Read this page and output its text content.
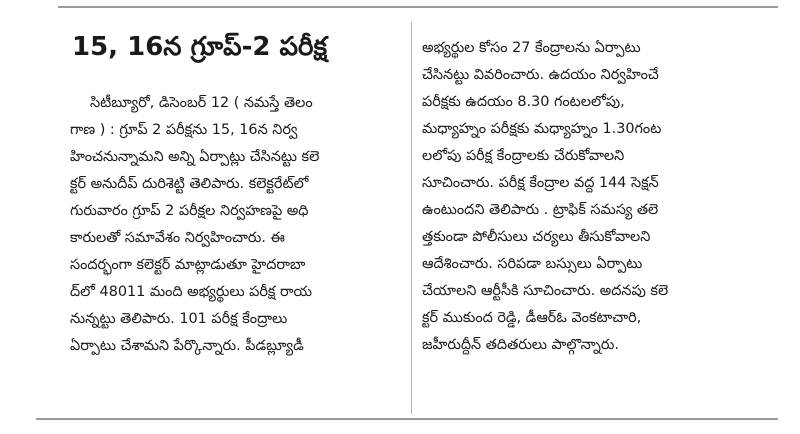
15, 16న గ్రూప్-2 పరీక్ష
సిటీబ్యూరో, డిసెంబర్ 12 ( నమస్తే తెలం
గాణ ) : గ్రూప్ 2 పరీక్షను 15, 16న నిర్వ
హించనున్నామని అన్ని ఏర్పాట్లు చేసినట్టు కలె
క్టర్ అనుదీప్ దురిశెట్టి తెలిపారు. కలెక్టరేట్‌లో
గురువారం గ్రూప్ 2 పరీక్షల నిర్వహణపై అధి
కారులతో సమావేశం నిర్వహించారు. ఈ
సందర్భంగా కలెక్టర్ మాట్లాడుతూ హైదరాబా
ద్‌లో 48011 మంది అభ్యర్థులు పరీక్ష రాయ
నున్నట్టు తెలిపారు. 101 పరీక్ష కేంద్రాలు
ఏర్పాటు చేశామని పేర్కొన్నారు. పీడబ్ల్యూడీ
అభ్యర్థుల కోసం 27 కేంద్రాలను ఏర్పాటు
చేసినట్టు వివరించారు. ఉదయం నిర్వహించే
పరీక్షకు ఉదయం 8.30 గంటలలోపు,
మధ్యాహ్నం పరీక్షకు మధ్యాహ్నం 1.30గంట
లలోపు పరీక్ష కేంద్రాలకు చేరుకోవాలని
సూచించారు. పరీక్ష కేంద్రాల వద్ద 144 సెక్షన్
ఉంటుందని తెలిపారు . ట్రాఫిక్ సమస్య తలె
త్తకుండా పోలీసులు చర్యలు తీసుకోవాలని
ఆదేశించారు. సరిపడా బస్సులు ఏర్పాటు
చేయాలని ఆర్టీసీకి సూచించారు. అదనపు కలె
క్టర్ ముకుంద రెడ్డి, డీఆర్ఓ వెంకటాచారి,
జహీరుద్దీన్ తదితరులు పాల్గొన్నారు.
